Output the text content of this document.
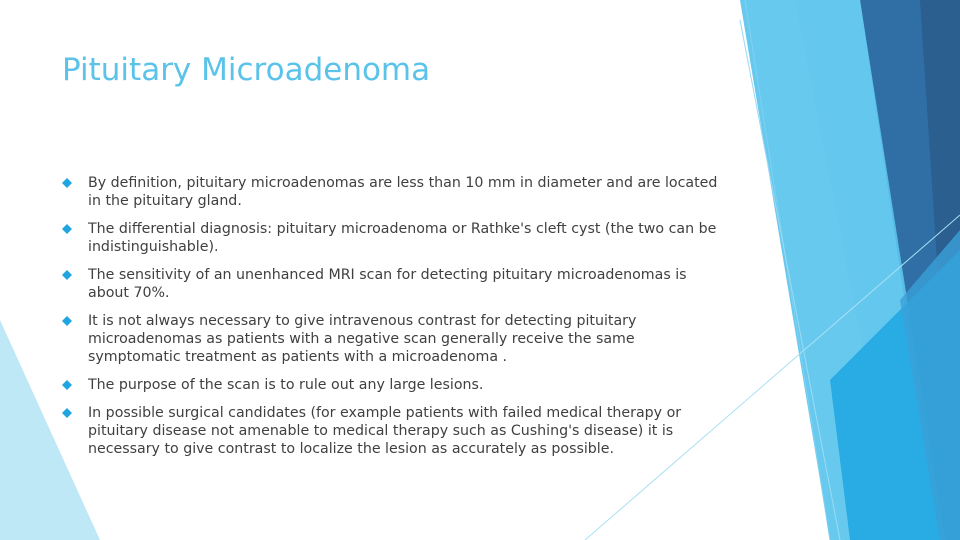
Pituitary Microadenoma
By definition, pituitary microadenomas are less than 10 mm in diameter and are located in the pituitary gland.
The differential diagnosis: pituitary microadenoma or Rathke's cleft cyst (the two can be indistinguishable).
The sensitivity of an unenhanced MRI scan for detecting pituitary microadenomas is about 70%.
It is not always necessary to give intravenous contrast for detecting pituitary microadenomas as patients with a negative scan generally receive the same symptomatic treatment as patients with a microadenoma .
The purpose of the scan is to rule out any large lesions.
In possible surgical candidates (for example patients with failed medical therapy or pituitary disease not amenable to medical therapy such as Cushing's disease) it is necessary to give contrast to localize the lesion as accurately as possible.
